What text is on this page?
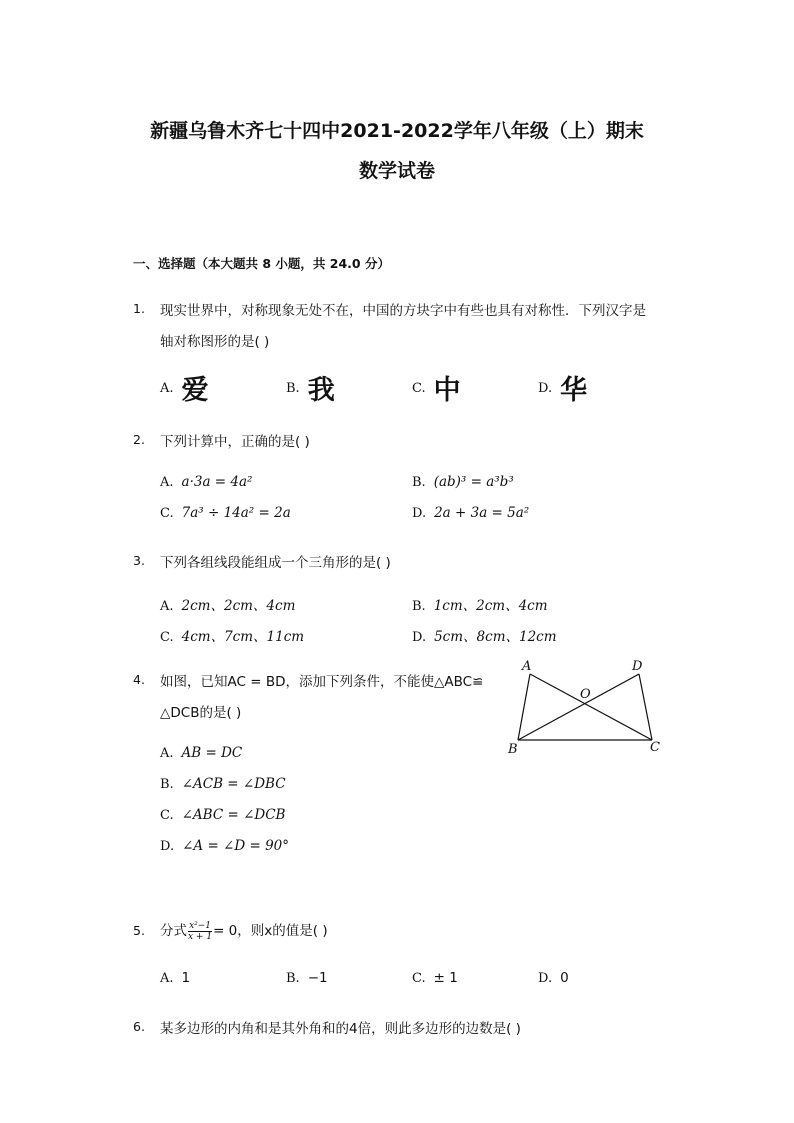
新疆乌鲁木齐七十四中2021-2022学年八年级（上）期末
数学试卷
一、选择题（本大题共 8 小题，共 24.0 分）
1. 现实世界中，对称现象无处不在，中国的方块字中有些也具有对称性．下列汉字是
轴对称图形的是( )
A. 爱	B. 我	C. 中	D. 华
2. 下列计算中，正确的是( )
A. a·3a = 4a²	B. (ab)³ = a³b³
C. 7a³ ÷ 14a² = 2a	D. 2a + 3a = 5a²
3. 下列各组线段能组成一个三角形的是( )
A. 2cm、2cm、4cm	B. 1cm、2cm、4cm
C. 4cm、7cm、11cm	D. 5cm、8cm、12cm
4. 如图，已知AC = BD，添加下列条件，不能使△ABC≌
△DCB的是( )
A. AB = DC
B. ∠ACB = ∠DBC
C. ∠ABC = ∠DCB
D. ∠A = ∠D = 90°
A	D
O
B	C
5. 分式 $\frac{\text{x²−1}}{x + 1} = 0$，则x的值是( )
A. 1	B. −1	C. ± 1	D. 0
6. 某多边形的内角和是其外角和的4倍，则此多边形的边数是( )
